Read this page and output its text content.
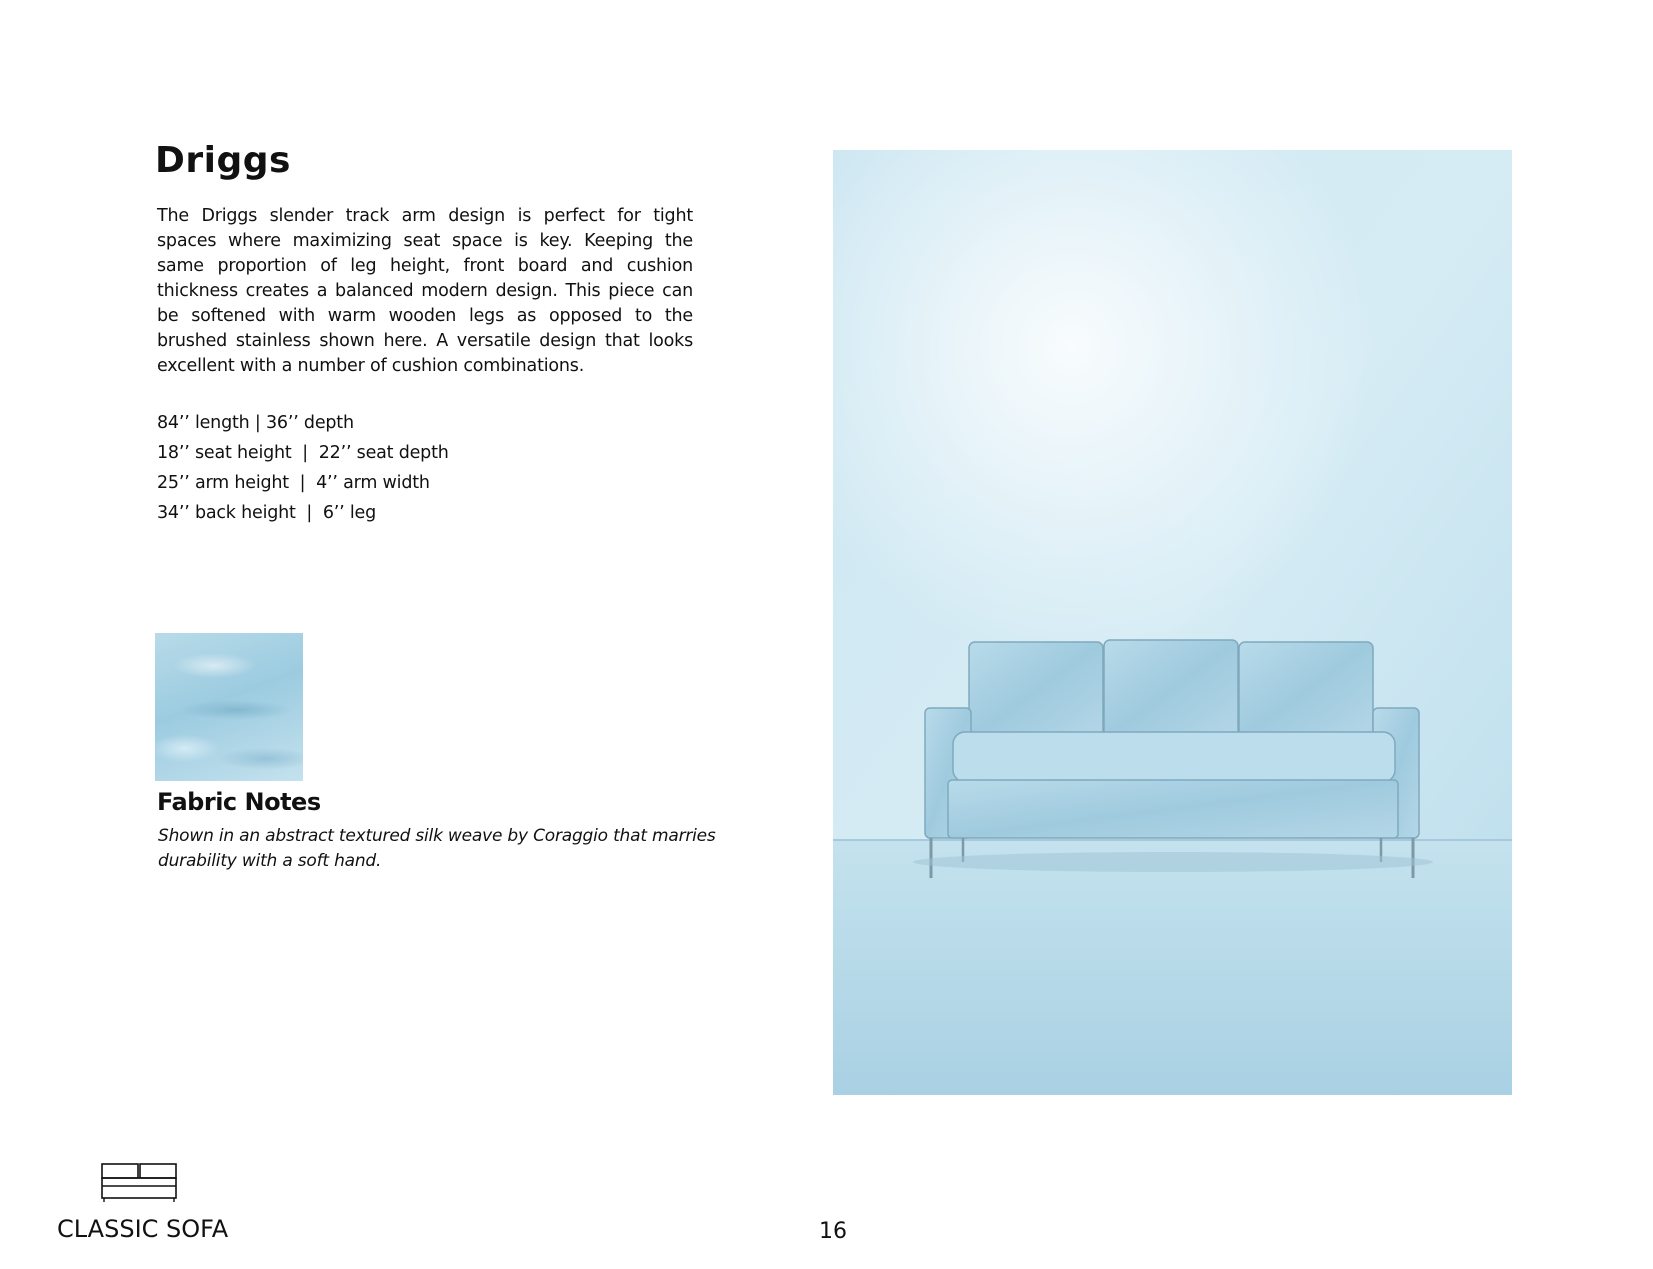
Driggs

The Driggs slender track arm design is perfect for tight spaces where maximizing seat space is key. Keeping the same proportion of leg height, front board and cushion thickness creates a balanced modern design. This piece can be softened with warm wooden legs as opposed to the brushed stainless shown here. A versatile design that looks excellent with a number of cushion combinations.

84’’ length | 36’’ depth
18’’ seat height  |  22’’ seat depth
25’’ arm height  |  4’’ arm width
34’’ back height  |  6’’ leg
Fabric Notes

Shown in an abstract textured silk weave by Coraggio that marries durability with a soft hand.

CLASSIC SOFA	16
